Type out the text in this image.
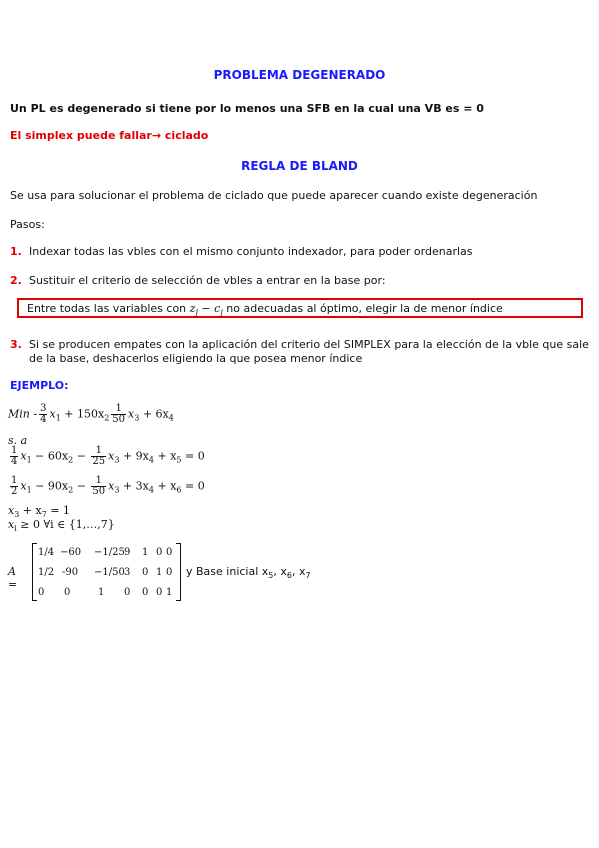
PROBLEMA DEGENERADO
Un PL es degenerado si tiene por lo menos una SFB en la cual una VB es = 0
El simplex puede fallar→ ciclado
REGLA DE BLAND
Se usa para solucionar el problema de ciclado que puede aparecer cuando existe degeneración
Pasos:
1. Indexar todas las vbles con el mismo conjunto indexador, para poder ordenarlas
2. Sustituir el criterio de selección de vbles a entrar en la base por:
Entre todas las variables con $z_j - c_j$ no adecuadas al óptimo, elegir la de menor índice
3. Si se producen empates con la aplicación del criterio del SIMPLEX para la elección de la vble que sale
de la base, deshacerlos eligiendo la que posea menor índice
EJEMPLO:
Min - $\frac{3}{4} x_1 + 150x_2 \frac{1}{50} x_3 + 6x_4$
s. a
$\frac{1}{4} x_1 - 60x_2 - \frac{1}{25} x_3 + 9x_4 + x_5 = 0$
$\frac{1}{2} x_1 - 90x_2 - \frac{1}{50} x_3 + 3x_4 + x_6 = 0$
$x_3 + x_7 = 1$
$x_i \ge 0$ ∀i ∈ {1,…,7}
A =
1/4 −60 −1/25 9 1 0 0
1/2 -90 −1/50 3 0 1 0
0 0	1 0 0 0 1
y Base inicial $x_5$, $x_6$, $x_7$
